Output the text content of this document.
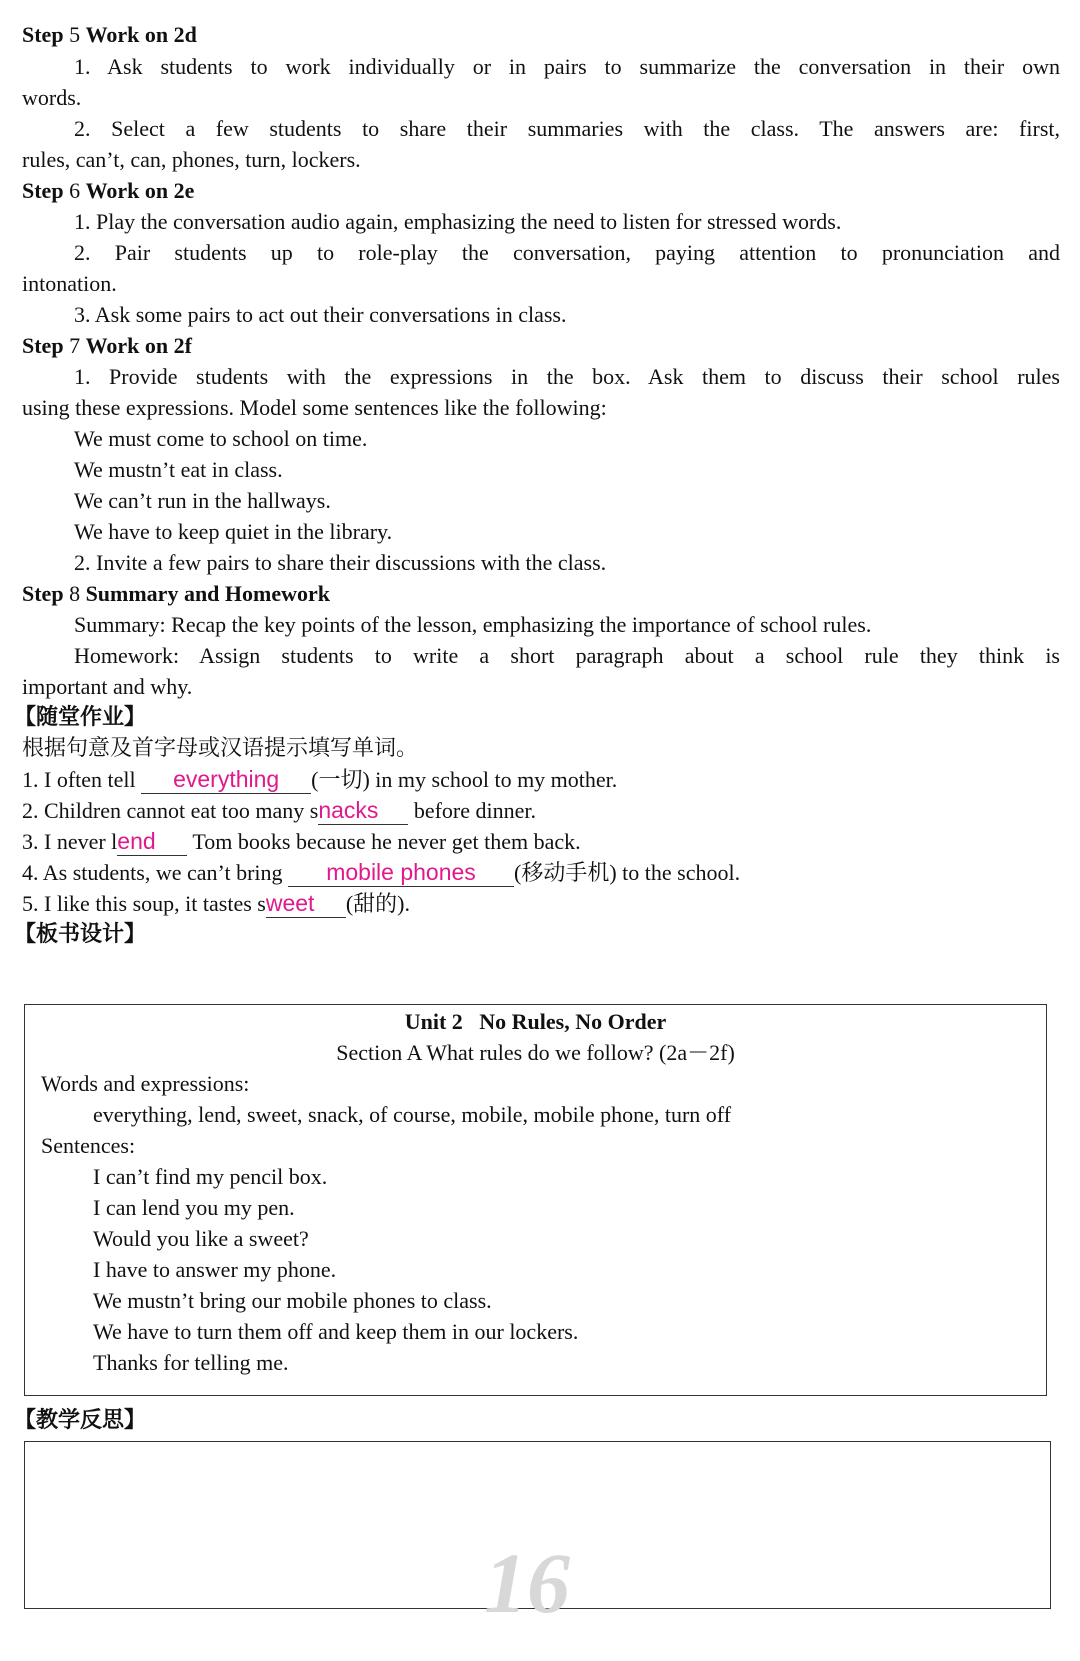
Step 5 Work on 2d
1. Ask students to work individually or in pairs to summarize the conversation in their own
words.
2. Select a few students to share their summaries with the class. The answers are: first,
rules, can’t, can, phones, turn, lockers.
Step 6 Work on 2e
1. Play the conversation audio again, emphasizing the need to listen for stressed words.
2. Pair students up to role-play the conversation, paying attention to pronunciation and
intonation.
3. Ask some pairs to act out their conversations in class.
Step 7 Work on 2f
1. Provide students with the expressions in the box. Ask them to discuss their school rules
using these expressions. Model some sentences like the following:
We must come to school on time.
We mustn’t eat in class.
We can’t run in the hallways.
We have to keep quiet in the library.
2. Invite a few pairs to share their discussions with the class.
Step 8 Summary and Homework
Summary: Recap the key points of the lesson, emphasizing the importance of school rules.
Homework: Assign students to write a short paragraph about a school rule they think is
important and why.
【随堂作业】
根据句意及首字母或汉语提示填写单词。
1. I often tell everything (一切) in my school to my mother.
2. Children cannot eat too many snacks before dinner.
3. I never lend Tom books because he never get them back.
4. As students, we can’t bring mobile phones (移动手机) to the school.
5. I like this soup, it tastes sweet (甜的).
【板书设计】
Unit 2 No Rules, No Order
Section A What rules do we follow? (2a－2f)
Words and expressions:
everything, lend, sweet, snack, of course, mobile, mobile phone, turn off
Sentences:
I can’t find my pencil box.
I can lend you my pen.
Would you like a sweet?
I have to answer my phone.
We mustn’t bring our mobile phones to class.
We have to turn them off and keep them in our lockers.
Thanks for telling me.
【教学反思】
16
